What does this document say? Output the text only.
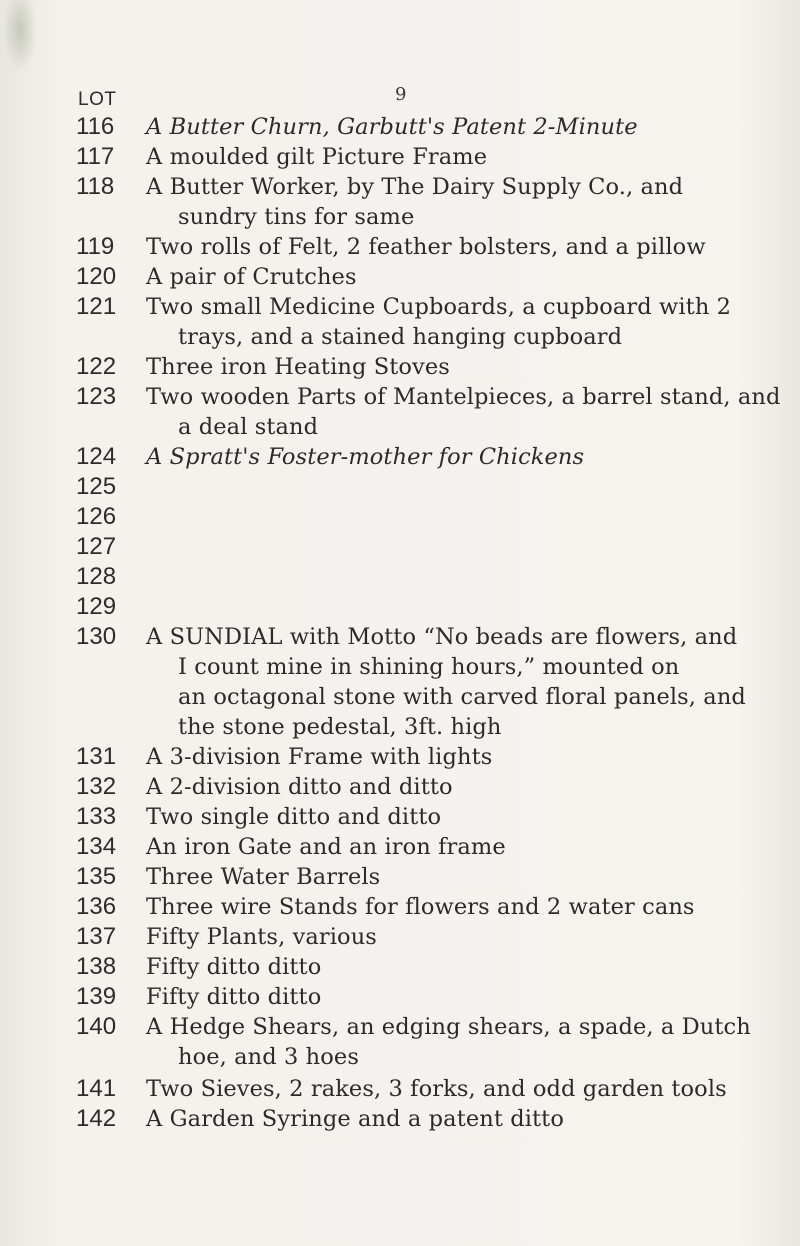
9
LOT
116	A Butter Churn, Garbutt's Patent 2-Minute
117	A moulded gilt Picture Frame
118	A Butter Worker, by The Dairy Supply Co., and
sundry tins for same
119	Two rolls of Felt, 2 feather bolsters, and a pillow
120	A pair of Crutches
121	Two small Medicine Cupboards, a cupboard with 2
trays, and a stained hanging cupboard
122	Three iron Heating Stoves
123	Two wooden Parts of Mantelpieces, a barrel stand, and
a deal stand
124	A Spratt's Foster-mother for Chickens
125
126
127
128
129
130	A SUNDIAL with Motto “No beads are flowers, and
I count mine in shining hours,” mounted on
an octagonal stone with carved floral panels, and
the stone pedestal, 3ft. high
131	A 3-division Frame with lights
132	A 2-division ditto and ditto
133	Two single ditto and ditto
134	An iron Gate and an iron frame
135	Three Water Barrels
136	Three wire Stands for flowers and 2 water cans
137	Fifty Plants, various
138	Fifty ditto ditto
139	Fifty ditto ditto
140	A Hedge Shears, an edging shears, a spade, a Dutch
hoe, and 3 hoes
141	Two Sieves, 2 rakes, 3 forks, and odd garden tools
142	A Garden Syringe and a patent ditto
